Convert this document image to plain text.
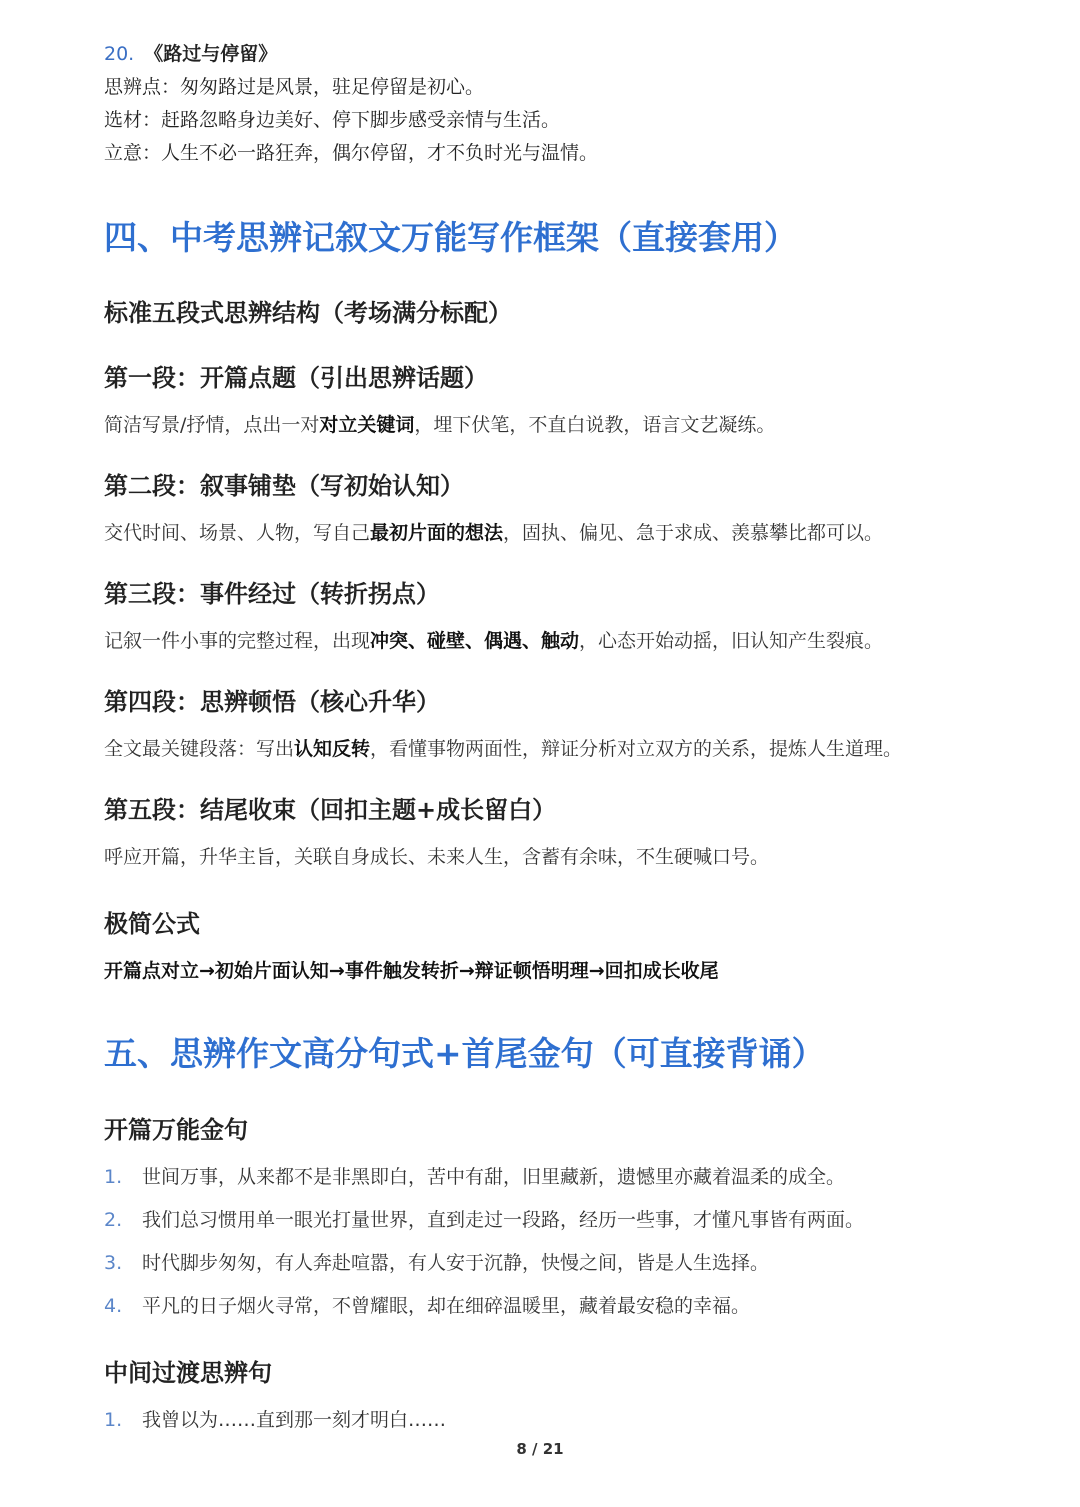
20. 《路过与停留》
思辨点：匆匆路过是风景，驻足停留是初心。
选材：赶路忽略身边美好、停下脚步感受亲情与生活。
立意：人生不必一路狂奔，偶尔停留，才不负时光与温情。
四、中考思辨记叙文万能写作框架（直接套用）
标准五段式思辨结构（考场满分标配）
第一段：开篇点题（引出思辨话题）
简洁写景/抒情，点出一对对立关键词，埋下伏笔，不直白说教，语言文艺凝练。
第二段：叙事铺垫（写初始认知）
交代时间、场景、人物，写自己最初片面的想法，固执、偏见、急于求成、羡慕攀比都可以。
第三段：事件经过（转折拐点）
记叙一件小事的完整过程，出现冲突、碰壁、偶遇、触动，心态开始动摇，旧认知产生裂痕。
第四段：思辨顿悟（核心升华）
全文最关键段落：写出认知反转，看懂事物两面性，辩证分析对立双方的关系，提炼人生道理。
第五段：结尾收束（回扣主题+成长留白）
呼应开篇，升华主旨，关联自身成长、未来人生，含蓄有余味，不生硬喊口号。
极简公式
开篇点对立→初始片面认知→事件触发转折→辩证顿悟明理→回扣成长收尾
五、思辨作文高分句式+首尾金句（可直接背诵）
开篇万能金句
1. 世间万事，从来都不是非黑即白，苦中有甜，旧里藏新，遗憾里亦藏着温柔的成全。
2. 我们总习惯用单一眼光打量世界，直到走过一段路，经历一些事，才懂凡事皆有两面。
3. 时代脚步匆匆，有人奔赴喧嚣，有人安于沉静，快慢之间，皆是人生选择。
4. 平凡的日子烟火寻常，不曾耀眼，却在细碎温暖里，藏着最安稳的幸福。
中间过渡思辨句
1. 我曾以为……直到那一刻才明白……
8 / 21
